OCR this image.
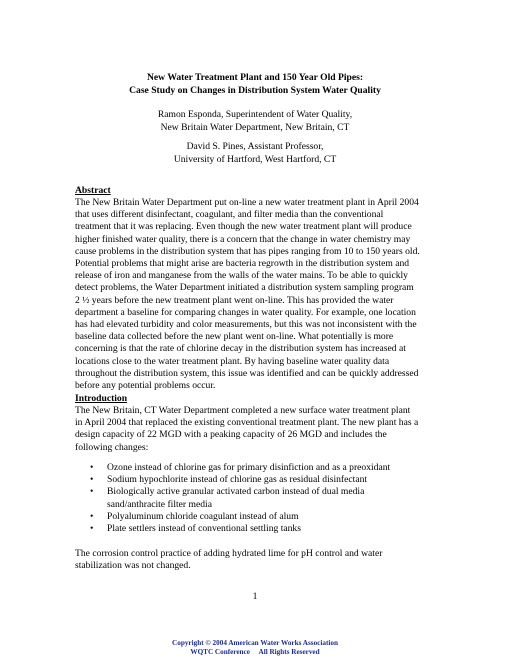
New Water Treatment Plant and 150 Year Old Pipes:
Case Study on Changes in Distribution System Water Quality
Ramon Esponda, Superintendent of Water Quality,
New Britain Water Department, New Britain, CT
David S. Pines, Assistant Professor,
University of Hartford, West Hartford, CT
Abstract
The New Britain Water Department put on-line a new water treatment plant in April 2004
that uses different disinfectant, coagulant, and filter media than the conventional
treatment that it was replacing. Even though the new water treatment plant will produce
higher finished water quality, there is a concern that the change in water chemistry may
cause problems in the distribution system that has pipes ranging from 10 to 150 years old.
Potential problems that might arise are bacteria regrowth in the distribution system and
release of iron and manganese from the walls of the water mains. To be able to quickly
detect problems, the Water Department initiated a distribution system sampling program
2 ½ years before the new treatment plant went on-line. This has provided the water
department a baseline for comparing changes in water quality. For example, one location
has had elevated turbidity and color measurements, but this was not inconsistent with the
baseline data collected before the new plant went on-line. What potentially is more
concerning is that the rate of chlorine decay in the distribution system has increased at
locations close to the water treatment plant. By having baseline water quality data
throughout the distribution system, this issue was identified and can be quickly addressed
before any potential problems occur.
Introduction
The New Britain, CT Water Department completed a new surface water treatment plant
in April 2004 that replaced the existing conventional treatment plant. The new plant has a
design capacity of 22 MGD with a peaking capacity of 26 MGD and includes the
following changes:
• Ozone instead of chlorine gas for primary disinfiction and as a preoxidant
• Sodium hypochlorite instead of chlorine gas as residual disinfectant
• Biologically active granular activated carbon instead of dual media
sand/anthracite filter media
• Polyaluminum chloride coagulant instead of alum
• Plate settlers instead of conventional settling tanks
The corrosion control practice of adding hydrated lime for pH control and water
stabilization was not changed.
1
Copyright © 2004 American Water Works Association
WQTC Conference     All Rights Reserved
